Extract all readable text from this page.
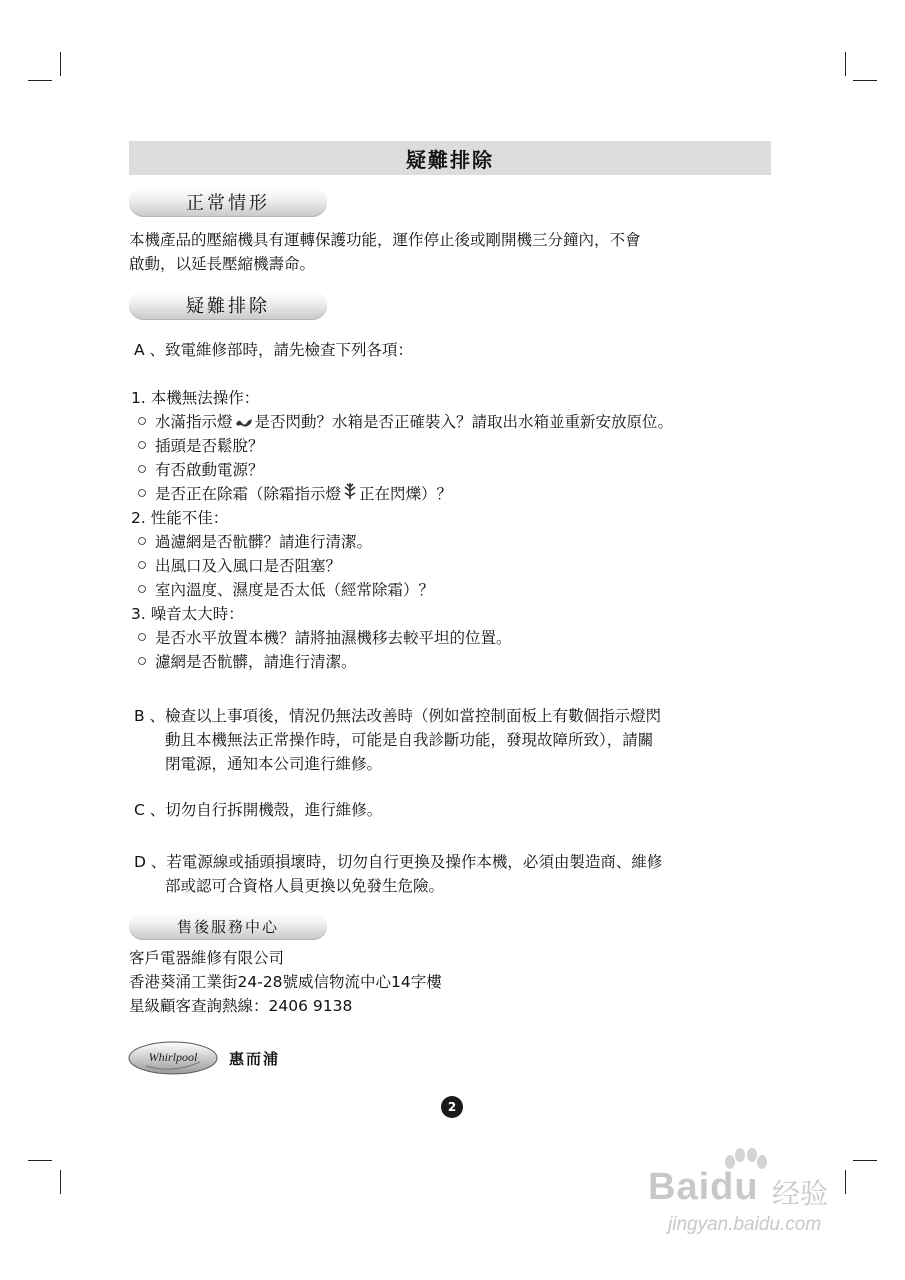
疑難排除
正常情形
本機產品的壓縮機具有運轉保護功能，運作停止後或剛開機三分鐘內，不會
啟動，以延長壓縮機壽命。
疑難排除
A 、致電維修部時，請先檢查下列各項：
1. 本機無法操作：
水滿指示燈 是否閃動？水箱是否正確裝入？請取出水箱並重新安放原位。
插頭是否鬆脫？
有否啟動電源？
是否正在除霜（除霜指示燈 正在閃爍）？
2. 性能不佳：
過濾網是否骯髒？請進行清潔。
出風口及入風口是否阻塞？
室內溫度、濕度是否太低（經常除霜）？
3. 噪音太大時：
是否水平放置本機？請將抽濕機移去較平坦的位置。
濾網是否骯髒，請進行清潔。
B 、檢查以上事項後，情況仍無法改善時（例如當控制面板上有數個指示燈閃
動且本機無法正常操作時，可能是自我診斷功能，發現故障所致），請關
閉電源，通知本公司進行維修。
C 、切勿自行拆開機殼，進行維修。
D 、若電源線或插頭損壞時，切勿自行更換及操作本機，必須由製造商、維修
部或認可合資格人員更換以免發生危險。
售後服務中心
客戶電器維修有限公司
香港葵涌工業街24-28號威信物流中心14字樓
星級顧客查詢熱線：2406 9138
Whirlpool 惠而浦
2
Baidu 经验
jingyan.baidu.com
